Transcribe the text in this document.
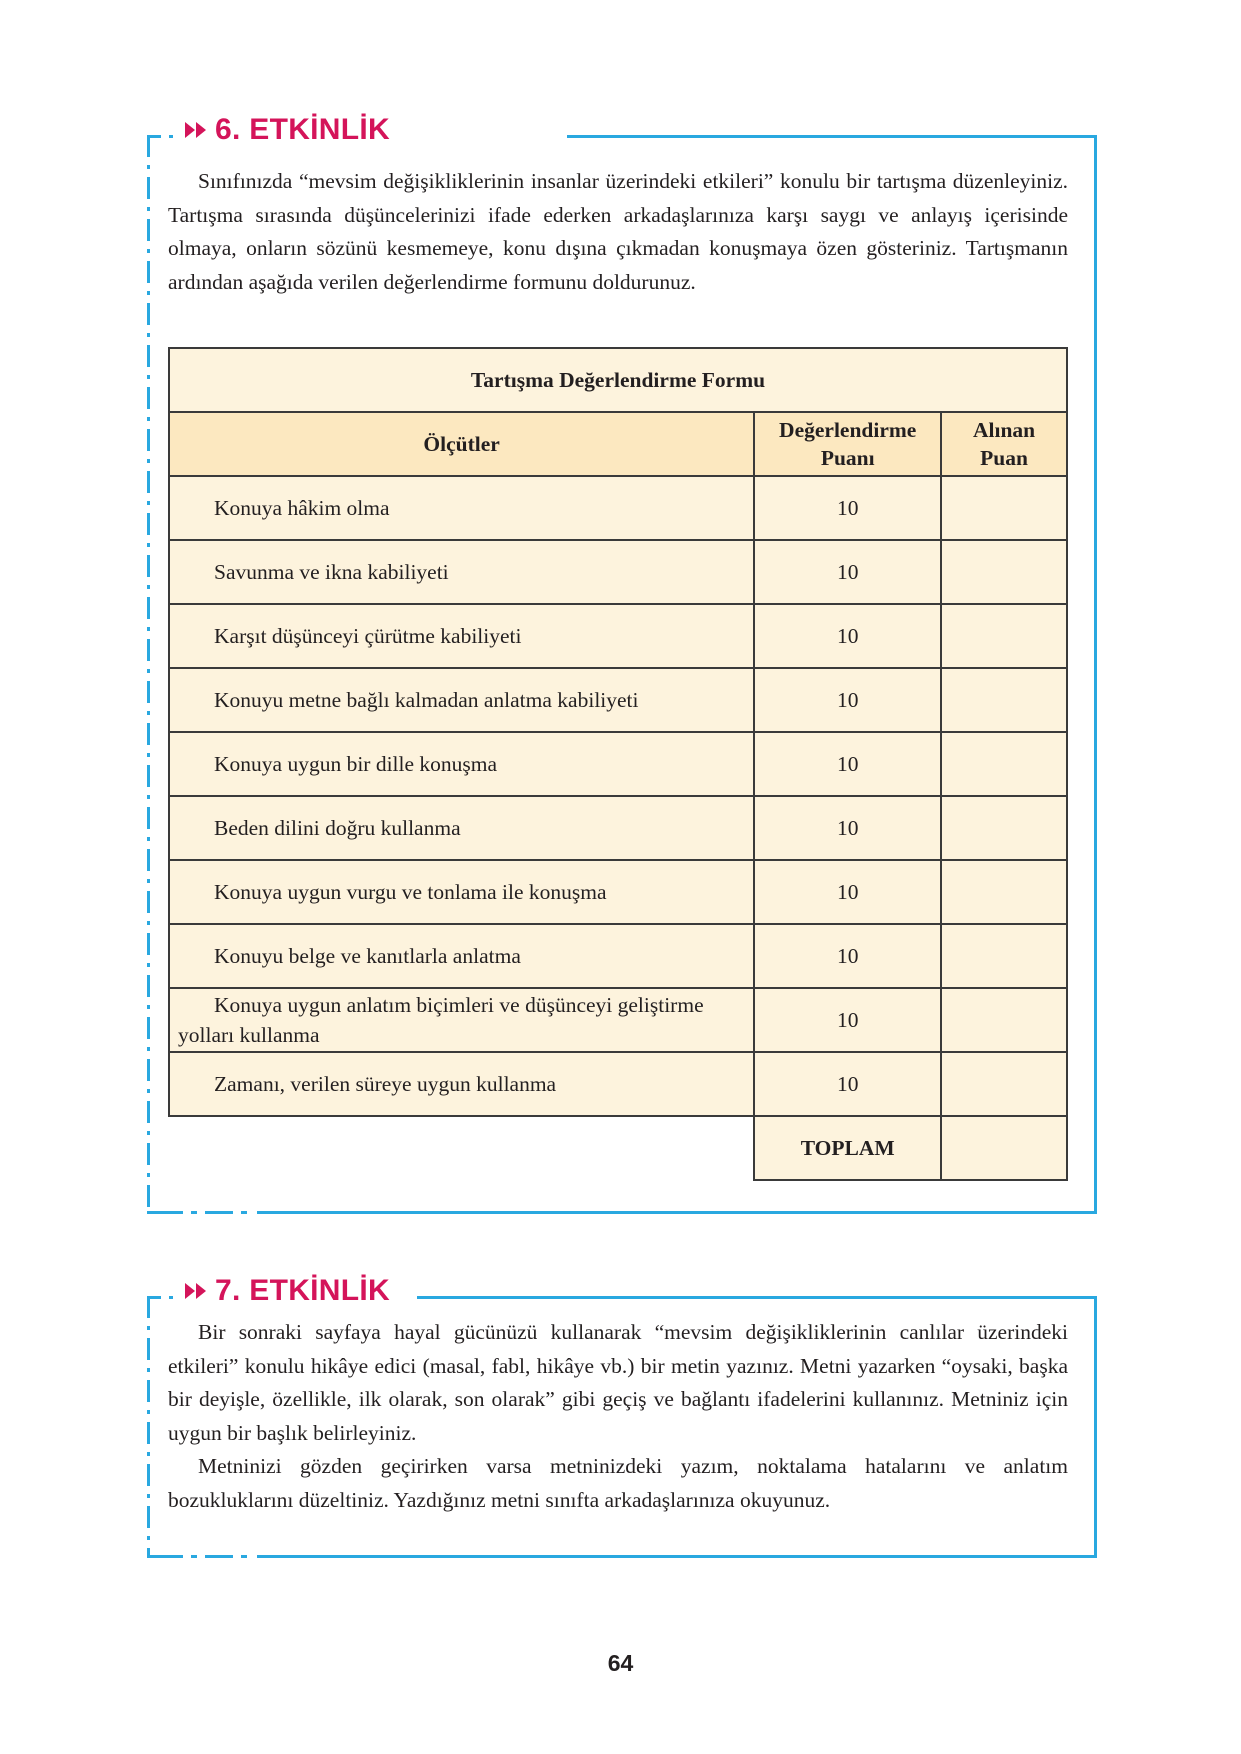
6. ETKİNLİK

Sınıfınızda “mevsim değişikliklerinin insanlar üzerindeki etkileri” konulu bir tartışma düzenleyiniz. Tartışma sırasında düşüncelerinizi ifade ederken arkadaşlarınıza karşı saygı ve anlayış içerisinde olmaya, onların sözünü kesmemeye, konu dışına çıkmadan konuşmaya özen gösteriniz. Tartışmanın ardından aşağıda verilen değerlendirme formunu doldurunuz.

Tartışma Değerlendirme Formu		
Ölçütler	Değerlendirme Puanı	Alınan Puan

Konuya hâkim olma	10	

Savunma ve ikna kabiliyeti	10	

Karşıt düşünceyi çürütme kabiliyeti	10	

Konuyu metne bağlı kalmadan anlatma kabiliyeti	10	

Konuya uygun bir dille konuşma	10	

Beden dilini doğru kullanma	10	

Konuya uygun vurgu ve tonlama ile konuşma	10	

Konuyu belge ve kanıtlarla anlatma	10	

Konuya uygun anlatım biçimleri ve düşünceyi geliştirme yolları kullanma	10	

Zamanı, verilen süreye uygun kullanma	10	
	TOPLAM	
7. ETKİNLİK

Bir sonraki sayfaya hayal gücünüzü kullanarak “mevsim değişikliklerinin canlılar üzerindeki etkileri” konulu hikâye edici (masal, fabl, hikâye vb.) bir metin yazınız. Metni yazarken “oysaki, başka bir deyişle, özellikle, ilk olarak, son olarak” gibi geçiş ve bağlantı ifadelerini kullanınız. Metniniz için uygun bir başlık belirleyiniz.

Metninizi gözden geçirirken varsa metninizdeki yazım, noktalama hatalarını ve anlatım bozukluklarını düzeltiniz. Yazdığınız metni sınıfta arkadaşlarınıza okuyunuz.

64
